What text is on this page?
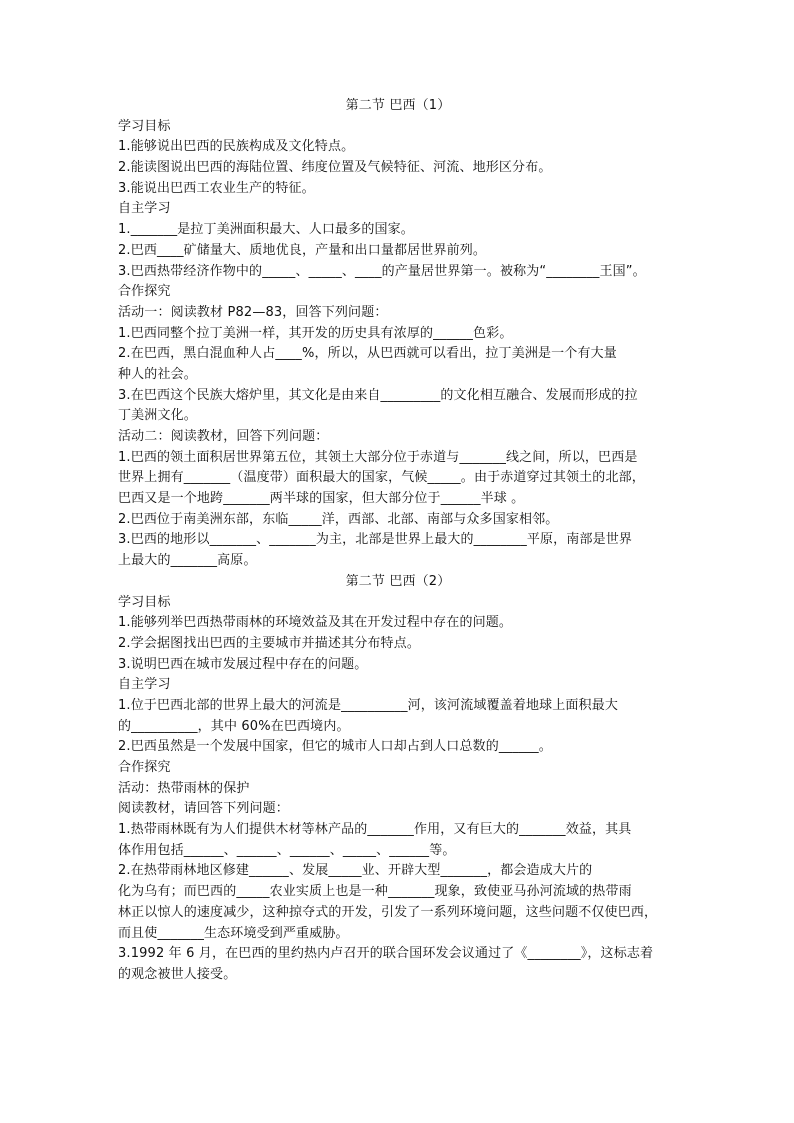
第二节 巴西（1）
学习目标
1.能够说出巴西的民族构成及文化特点。
2.能读图说出巴西的海陆位置、纬度位置及气候特征、河流、地形区分布。
3.能说出巴西工农业生产的特征。
自主学习
1._______是拉丁美洲面积最大、人口最多的国家。
2.巴西____矿储量大、质地优良，产量和出口量都居世界前列。
3.巴西热带经济作物中的_____、_____、____的产量居世界第一。被称为“________王国”。
合作探究
活动一：阅读教材 P82—83，回答下列问题：
1.巴西同整个拉丁美洲一样，其开发的历史具有浓厚的______色彩。
2.在巴西，黑白混血种人占____%，所以，从巴西就可以看出，拉丁美洲是一个有大量
种人的社会。
3.在巴西这个民族大熔炉里，其文化是由来自_________的文化相互融合、发展而形成的拉
丁美洲文化。
活动二：阅读教材，回答下列问题：
1.巴西的领土面积居世界第五位，其领土大部分位于赤道与_______线之间，所以，巴西是
世界上拥有_______（温度带）面积最大的国家，气候_____。由于赤道穿过其领土的北部，
巴西又是一个地跨_______两半球的国家，但大部分位于______半球 。
2.巴西位于南美洲东部，东临_____洋，西部、北部、南部与众多国家相邻。
3.巴西的地形以_______、_______为主，北部是世界上最大的________平原，南部是世界
上最大的_______高原。
第二节 巴西（2）
学习目标
1.能够列举巴西热带雨林的环境效益及其在开发过程中存在的问题。
2.学会据图找出巴西的主要城市并描述其分布特点。
3.说明巴西在城市发展过程中存在的问题。
自主学习
1.位于巴西北部的世界上最大的河流是__________河，该河流域覆盖着地球上面积最大
的__________，其中 60%在巴西境内。
2.巴西虽然是一个发展中国家，但它的城市人口却占到人口总数的______。
合作探究
活动：热带雨林的保护
阅读教材，请回答下列问题：
1.热带雨林既有为人们提供木材等林产品的_______作用，又有巨大的_______效益，其具
体作用包括______、______、______、_____、______等。
2.在热带雨林地区修建______、发展_____业、开辟大型_______，都会造成大片的
化为乌有；而巴西的_____农业实质上也是一种_______现象，致使亚马孙河流域的热带雨
林正以惊人的速度减少，这种掠夺式的开发，引发了一系列环境问题，这些问题不仅使巴西，
而且使_______生态环境受到严重威胁。
3.1992 年 6 月，在巴西的里约热内卢召开的联合国环发会议通过了《________》，这标志着
的观念被世人接受。
